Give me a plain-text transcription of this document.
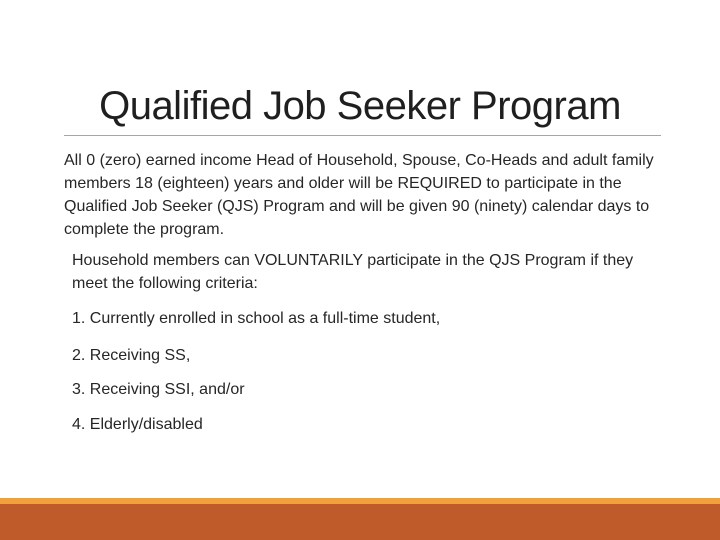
Qualified Job Seeker Program

All 0 (zero) earned income Head of Household, Spouse, Co-Heads and adult family members 18 (eighteen) years and older will be REQUIRED to participate in the Qualified Job Seeker (QJS) Program and will be given 90 (ninety) calendar days to complete the program.

Household members can VOLUNTARILY participate in the QJS Program if they meet the following criteria:

1. Currently enrolled in school as a full-time student,

2. Receiving SS,

3. Receiving SSI, and/or

4. Elderly/disabled
